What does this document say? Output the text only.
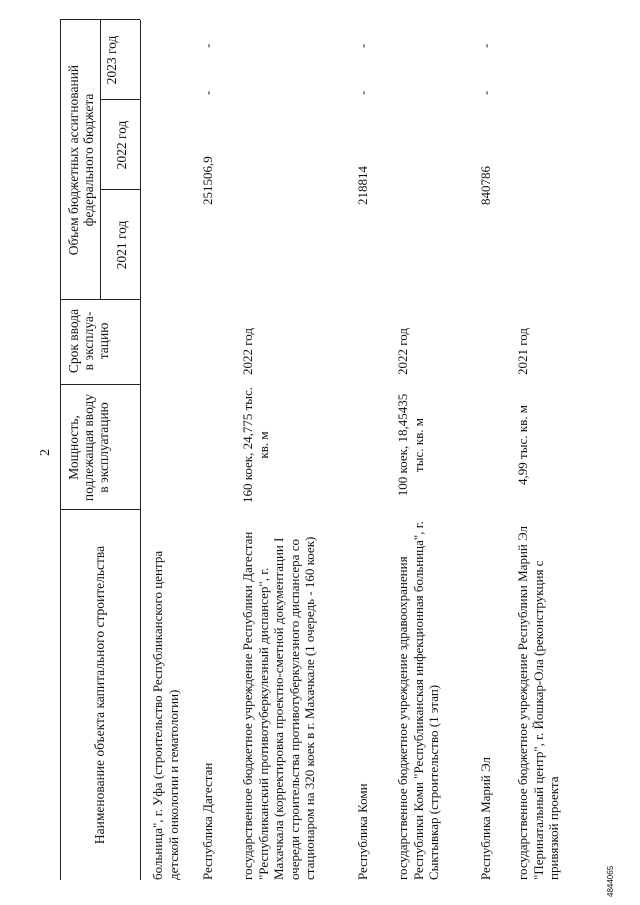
2
Наименование объекта капитального строительства
Мощность, подлежащая вводу в эксплуатацию
Срок ввода в эксплуа- тацию
Объем бюджетных ассигнований федерального бюджета
2021 год
2022 год
2023 год
больница", г. Уфа (строительство Республиканского центра детской онкологии и гематологии) Республика Дагестан
251506,9
-
-
государственное бюджетное учреждение Республики Дагестан "Республиканский противотуберкулезный диспансер", г. Махачкала (корректировка проектно-сметной документации I очереди строительства противотуберкулезного диспансера со стационаром на 320 коек в г. Махачкале (1 очередь - 160 коек)
160 коек, 24,775 тыс. кв. м
2022 год
Республика Коми
218814
-
-
государственное бюджетное учреждение здравоохранения Республики Коми "Республиканская инфекционная больница", г. Сыктывкар (строительство (1 этап)
100 коек, 18,45435 тыс. кв. м
2022 год
Республика Марий Эл
840786
-
-
государственное бюджетное учреждение Республики Марий Эл "Перинатальный центр", г. Йошкар-Ола (реконструкция с привязкой проекта
4,99 тыс. кв. м
2021 год
4844065
